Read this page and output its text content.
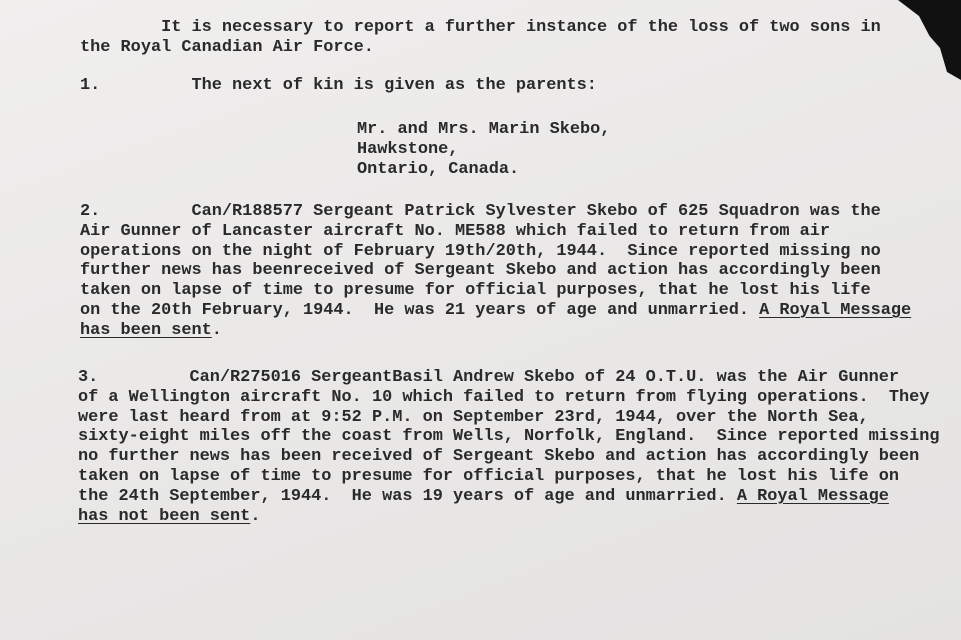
It is necessary to report a further instance of the loss of two sons in
the Royal Canadian Air Force.
1.         The next of kin is given as the parents:
Mr. and Mrs. Marin Skebo,
Hawkstone,
Ontario, Canada.
2.         Can/R188577 Sergeant Patrick Sylvester Skebo of 625 Squadron was the
Air Gunner of Lancaster aircraft No. ME588 which failed to return from air
operations on the night of February 19th/20th, 1944.  Since reported missing no
further news has beenreceived of Sergeant Skebo and action has accordingly been
taken on lapse of time to presume for official purposes, that he lost his life
on the 20th February, 1944.  He was 21 years of age and unmarried. A Royal Message
has been sent.
3.         Can/R275016 SergeantBasil Andrew Skebo of 24 O.T.U. was the Air Gunner
of a Wellington aircraft No. 10 which failed to return from flying operations.  They
were last heard from at 9:52 P.M. on September 23rd, 1944, over the North Sea,
sixty-eight miles off the coast from Wells, Norfolk, England.  Since reported missing
no further news has been received of Sergeant Skebo and action has accordingly been
taken on lapse of time to presume for official purposes, that he lost his life on
the 24th September, 1944.  He was 19 years of age and unmarried. A Royal Message
has not been sent.
